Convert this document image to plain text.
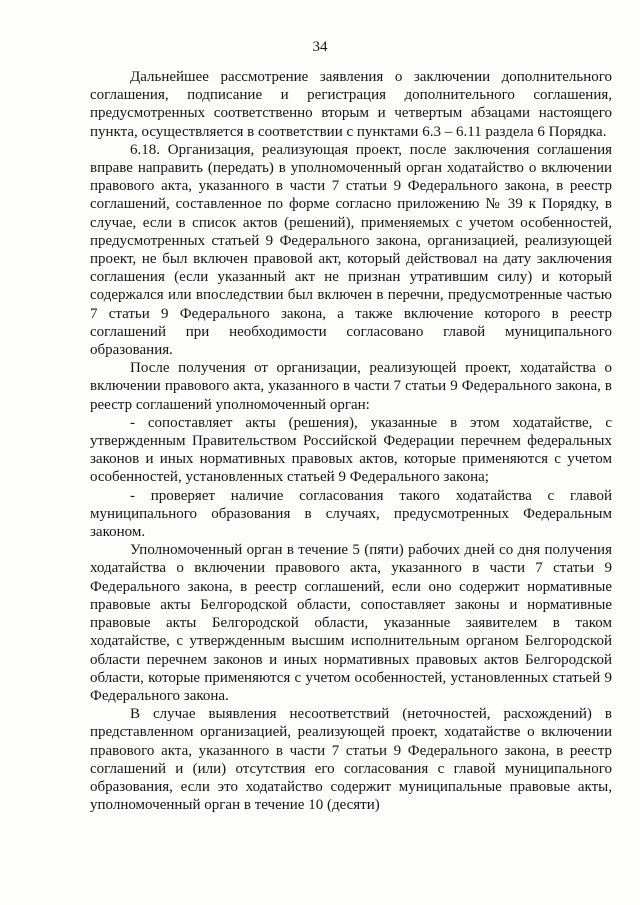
34

Дальнейшее рассмотрение заявления о заключении дополнительного соглашения, подписание и регистрация дополнительного соглашения, предусмотренных соответственно вторым и четвертым абзацами настоящего пункта, осуществляется в соответствии с пунктами 6.3 – 6.11 раздела 6 Порядка.

6.18. Организация, реализующая проект, после заключения соглашения вправе направить (передать) в уполномоченный орган ходатайство о включении правового акта, указанного в части 7 статьи 9 Федерального закона, в реестр соглашений, составленное по форме согласно приложению № 39 к Порядку, в случае, если в список актов (решений), применяемых с учетом особенностей, предусмотренных статьей 9 Федерального закона, организацией, реализующей проект, не был включен правовой акт, который действовал на дату заключения соглашения (если указанный акт не признан утратившим силу) и который содержался или впоследствии был включен в перечни, предусмотренные частью 7 статьи 9 Федерального закона, а также включение которого в реестр соглашений при необходимости согласовано главой муниципального образования.

После получения от организации, реализующей проект, ходатайства о включении правового акта, указанного в части 7 статьи 9 Федерального закона, в реестр соглашений уполномоченный орган:

- сопоставляет акты (решения), указанные в этом ходатайстве, с утвержденным Правительством Российской Федерации перечнем федеральных законов и иных нормативных правовых актов, которые применяются с учетом особенностей, установленных статьей 9 Федерального закона;

- проверяет наличие согласования такого ходатайства с главой муниципального образования в случаях, предусмотренных Федеральным законом.

Уполномоченный орган в течение 5 (пяти) рабочих дней со дня получения ходатайства о включении правового акта, указанного в части 7 статьи 9 Федерального закона, в реестр соглашений, если оно содержит нормативные правовые акты Белгородской области, сопоставляет законы и нормативные правовые акты Белгородской области, указанные заявителем в таком ходатайстве, с утвержденным высшим исполнительным органом Белгородской области перечнем законов и иных нормативных правовых актов Белгородской области, которые применяются с учетом особенностей, установленных статьей 9 Федерального закона.

В случае выявления несоответствий (неточностей, расхождений) в представленном организацией, реализующей проект, ходатайстве о включении правового акта, указанного в части 7 статьи 9 Федерального закона, в реестр соглашений и (или) отсутствия его согласования с главой муниципального образования, если это ходатайство содержит муниципальные правовые акты, уполномоченный орган в течение 10 (десяти)
